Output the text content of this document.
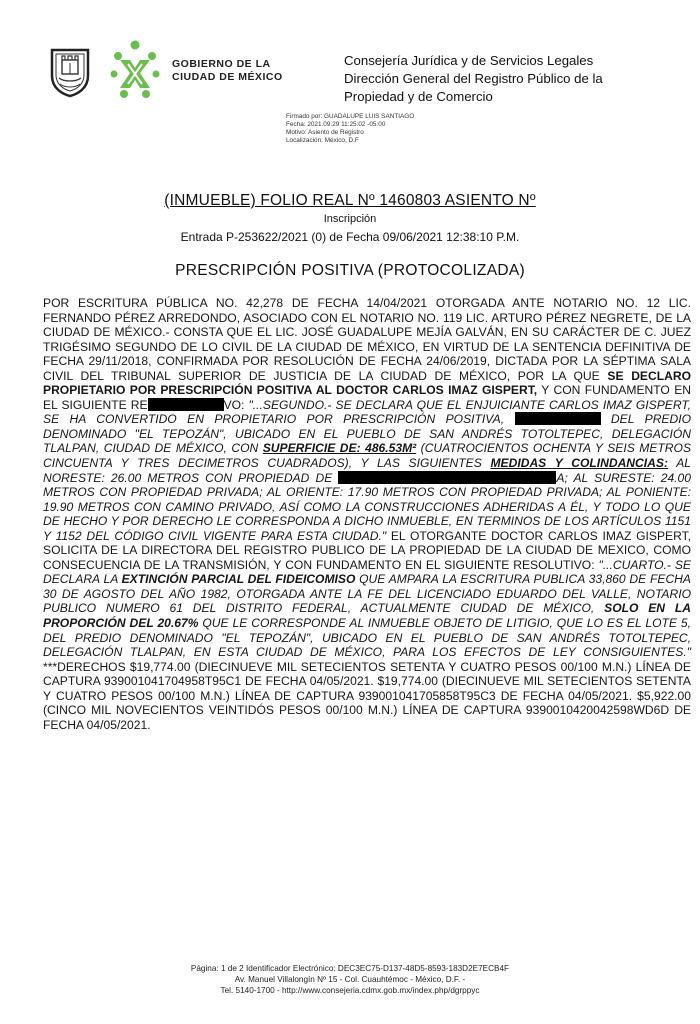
GOBIERNO DE LA
CIUDAD DE MÉXICO
Consejería Jurídica y de Servicios Legales
Dirección General del Registro Público de la
Propiedad y de Comercio
Firmado por: GUADALUPE LUIS SANTIAGO
Fecha: 2021.09.29 11:25:02 -05:00
Motivo: Asiento de Registro
Localización: México, D.F
(INMUEBLE) FOLIO REAL Nº 1460803 ASIENTO Nº
Inscripción
Entrada P-253622/2021 (0) de Fecha 09/06/2021 12:38:10 P.M.
PRESCRIPCIÓN POSITIVA (PROTOCOLIZADA)
POR ESCRITURA PÚBLICA NO. 42,278 DE FECHA 14/04/2021 OTORGADA ANTE NOTARIO NO. 12 LIC. FERNANDO PÉREZ ARREDONDO, ASOCIADO CON EL NOTARIO NO. 119 LIC. ARTURO PÉREZ NEGRETE, DE LA CIUDAD DE MÉXICO.- CONSTA QUE EL LIC. JOSÉ GUADALUPE MEJÍA GALVÁN, EN SU CARÁCTER DE C. JUEZ TRIGÉSIMO SEGUNDO DE LO CIVIL DE LA CIUDAD DE MÉXICO, EN VIRTUD DE LA SENTENCIA DEFINITIVA DE FECHA 29/11/2018, CONFIRMADA POR RESOLUCIÓN DE FECHA 24/06/2019, DICTADA POR LA SÉPTIMA SALA CIVIL DEL TRIBUNAL SUPERIOR DE JUSTICIA DE LA CIUDAD DE MÉXICO, POR LA QUE SE DECLARO PROPIETARIO POR PRESCRIPCIÓN POSITIVA AL DOCTOR CARLOS IMAZ GISPERT, Y CON FUNDAMENTO EN EL SIGUIENTE RE	VO: "...SEGUNDO.- SE DECLARA QUE EL ENJUICIANTE CARLOS IMAZ GISPERT, SE HA CONVERTIDO EN PROPIETARIO POR PRESCRIPCIÓN POSITIVA,	DEL PREDIO DENOMINADO "EL TEPOZÁN", UBICADO EN EL PUEBLO DE SAN ANDRÉS TOTOLTEPEC, DELEGACIÓN TLALPAN, CIUDAD DE MÉXICO, CON SUPERFICIE DE: 486.53M² (CUATROCIENTOS OCHENTA Y SEIS METROS CINCUENTA Y TRES DECIMETROS CUADRADOS), Y LAS SIGUIENTES MEDIDAS Y COLINDANCIAS: AL NORESTE: 26.00 METROS CON PROPIEDAD DE	A; AL SURESTE: 24.00 METROS CON PROPIEDAD PRIVADA; AL ORIENTE: 17.90 METROS CON PROPIEDAD PRIVADA; AL PONIENTE: 19.90 METROS CON CAMINO PRIVADO, ASÍ COMO LA CONSTRUCCIONES ADHERIDAS A ÉL, Y TODO LO QUE DE HECHO Y POR DERECHO LE CORRESPONDA A DICHO INMUEBLE, EN TERMINOS DE LOS ARTÍCULOS 1151 Y 1152 DEL CÓDIGO CIVIL VIGENTE PARA ESTA CIUDAD." EL OTORGANTE DOCTOR CARLOS IMAZ GISPERT, SOLICITA DE LA DIRECTORA DEL REGISTRO PUBLICO DE LA PROPIEDAD DE LA CIUDAD DE MEXICO, COMO CONSECUENCIA DE LA TRANSMISIÓN, Y CON FUNDAMENTO EN EL SIGUIENTE RESOLUTIVO: "...CUARTO.- SE DECLARA LA EXTINCIÓN PARCIAL DEL FIDEICOMISO QUE AMPARA LA ESCRITURA PUBLICA 33,860 DE FECHA 30 DE AGOSTO DEL AÑO 1982, OTORGADA ANTE LA FE DEL LICENCIADO EDUARDO DEL VALLE, NOTARIO PUBLICO NUMERO 61 DEL DISTRITO FEDERAL, ACTUALMENTE CIUDAD DE MÉXICO, SOLO EN LA PROPORCIÓN DEL 20.67% QUE LE CORRESPONDE AL INMUEBLE OBJETO DE LITIGIO, QUE LO ES EL LOTE 5, DEL PREDIO DENOMINADO "EL TEPOZÁN", UBICADO EN EL PUEBLO DE SAN ANDRÉS TOTOLTEPEC, DELEGACIÓN TLALPAN, EN ESTA CIUDAD DE MÉXICO, PARA LOS EFECTOS DE LEY CONSIGUIENTES." ***DERECHOS $19,774.00 (DIECINUEVE MIL SETECIENTOS SETENTA Y CUATRO PESOS 00/100 M.N.) LÍNEA DE CAPTURA 939001041704958T95C1 DE FECHA 04/05/2021. $19,774.00 (DIECINUEVE MIL SETECIENTOS SETENTA Y CUATRO PESOS 00/100 M.N.) LÍNEA DE CAPTURA 939001041705858T95C3 DE FECHA 04/05/2021. $5,922.00 (CINCO MIL NOVECIENTOS VEINTIDÓS PESOS 00/100 M.N.) LÍNEA DE CAPTURA 9390010420042598WD6D DE FECHA 04/05/2021.
Página: 1 de 2 Identificador Electrónico: DEC3EC75-D137-48D5-8593-183D2E7ECB4F
Av. Manuel Villalongín Nº 15 - Col. Cuauhtémoc - México, D.F. -
Tel. 5140-1700 - http://www.consejeria.cdmx.gob.mx/index.php/dgrppyc
